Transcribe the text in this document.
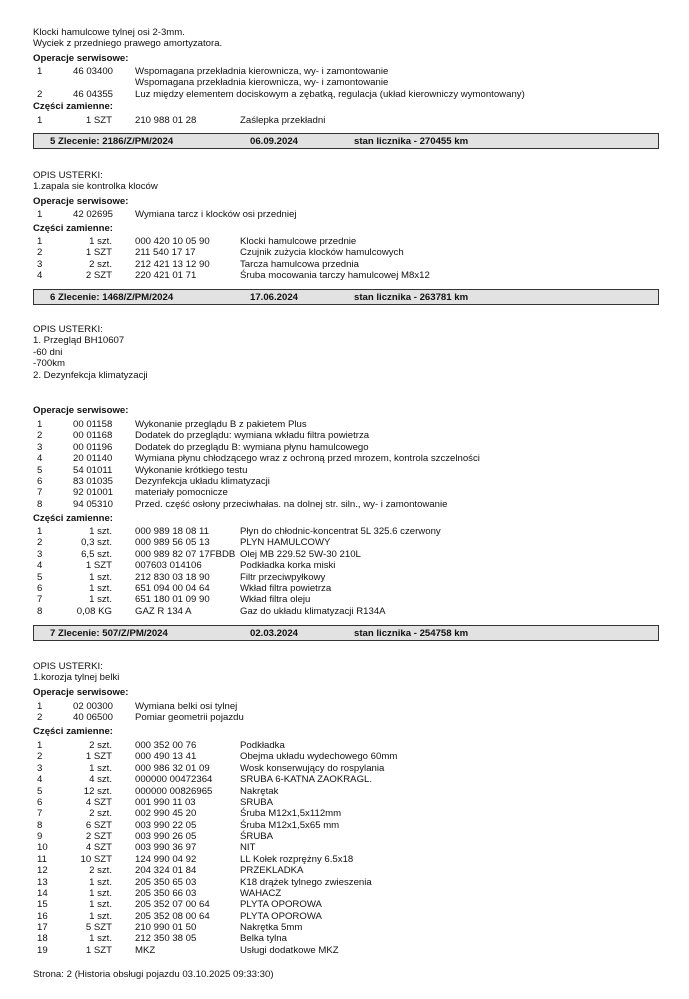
Klocki hamulcowe tylnej osi 2-3mm.
Wyciek z przedniego prawego amortyzatora.
Operacje serwisowe:
1	46 03400 Wspomagana przekładnia kierownicza, wy- i zamontowanie
Wspomagana przekładnia kierownicza, wy- i zamontowanie
2	46 04355 Luz między elementem dociskowym a zębatką, regulacja (układ kierowniczy wymontowany)
Części zamienne:
1	1 SZT 210 988 01 28	Zaślepka przekładni
5 Zlecenie: 2186/Z/PM/2024	06.09.2024	stan licznika - 270455 km
OPIS USTERKI:
1.zapala sie kontrolka kloców
Operacje serwisowe:
1	42 02695 Wymiana tarcz i klocków osi przedniej
Części zamienne:
1	1 szt. 000 420 10 05 90	Klocki hamulcowe przednie
2	1 SZT 211 540 17 17	Czujnik zużycia klocków hamulcowych
3	2 szt. 212 421 13 12 90	Tarcza hamulcowa przednia
4	2 SZT 220 421 01 71	Śruba mocowania tarczy hamulcowej M8x12
6 Zlecenie: 1468/Z/PM/2024	17.06.2024	stan licznika - 263781 km
OPIS USTERKI:
1. Przegląd BH10607
-60 dni
-700km
2. Dezynfekcja klimatyzacji
Operacje serwisowe:
1	00 01158 Wykonanie przeglądu B z pakietem Plus
2	00 01168 Dodatek do przeglądu: wymiana wkładu filtra powietrza
3	00 01196 Dodatek do przeglądu B: wymiana płynu hamulcowego
4	20 01140 Wymiana płynu chłodzącego wraz z ochroną przed mrozem, kontrola szczelności
5	54 01011 Wykonanie krótkiego testu
6	83 01035 Dezynfekcja układu klimatyzacji
7	92 01001 materiały pomocnicze
8	94 05310 Przed. część osłony przeciwhałas. na dolnej str. siln., wy- i zamontowanie
Części zamienne:
1	1 szt. 000 989 18 08 11	Płyn do chłodnic-koncentrat 5L 325.6 czerwony
2	0,3 szt. 000 989 56 05 13	PLYN HAMULCOWY
3	6,5 szt. 000 989 82 07 17FBDB Olej MB 229.52 5W-30 210L
4	1 SZT 007603 014106	Podkładka korka miski
5	1 szt. 212 830 03 18 90	Filtr przeciwpyłkowy
6	1 szt. 651 094 00 04 64	Wkład filtra powietrza
7	1 szt. 651 180 01 09 90	Wkład filtra oleju
8	0,08 KG GAZ R 134 A	Gaz do układu klimatyzacji R134A
7 Zlecenie: 507/Z/PM/2024	02.03.2024	stan licznika - 254758 km
OPIS USTERKI:
1.korozja tylnej belki
Operacje serwisowe:
1	02 00300 Wymiana belki osi tylnej
2	40 06500 Pomiar geometrii pojazdu
Części zamienne:
1	2 szt. 000 352 00 76	Podkładka
2	1 SZT 000 490 13 41	Obejma układu wydechowego 60mm
3	1 szt. 000 986 32 01 09	Wosk konserwujący do rospylania
4	4 szt. 000000 00472364	SRUBA 6-KATNA ZAOKRAGL.
5	12 szt. 000000 00826965	Nakrętak
6	4 SZT 001 990 11 03	SRUBA
7	2 szt. 002 990 45 20	Śruba M12x1,5x112mm
8	6 SZT 003 990 22 05	Śruba M12x1,5x65 mm
9	2 SZT 003 990 26 05	ŚRUBA
10	4 SZT 003 990 36 97	NIT
11	10 SZT 124 990 04 92	LL Kołek rozprężny 6.5x18
12	2 szt. 204 324 01 84	PRZEKLADKA
13	1 szt. 205 350 65 03	K18 drążek tylnego zwieszenia
14	1 szt. 205 350 66 03	WAHACZ
15	1 szt. 205 352 07 00 64	PLYTA OPOROWA
16	1 szt. 205 352 08 00 64	PLYTA OPOROWA
17	5 SZT 210 990 01 50	Nakrętka 5mm
18	1 szt. 212 350 38 05	Belka tylna
19	1 SZT MKZ	Usługi dodatkowe MKZ
Strona: 2 (Historia obsługi pojazdu 03.10.2025 09:33:30)
